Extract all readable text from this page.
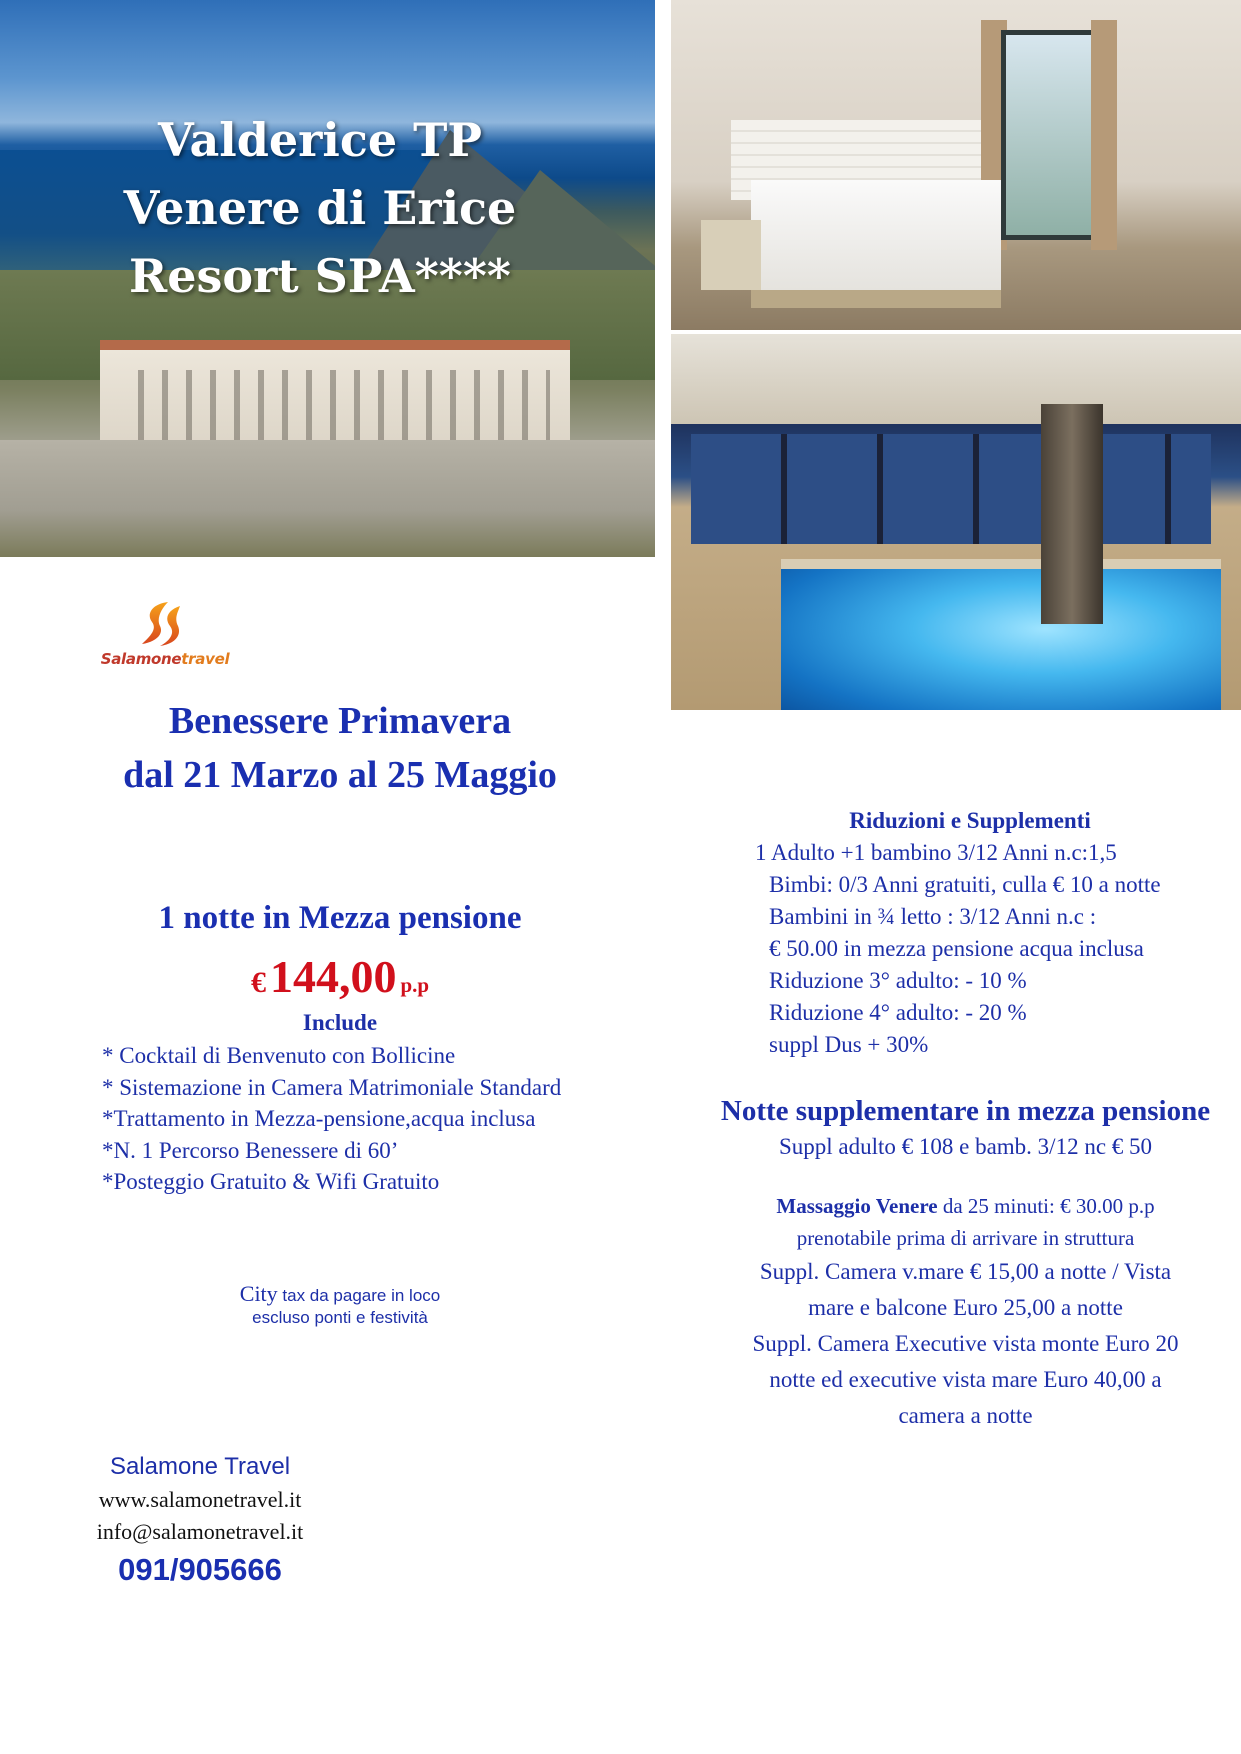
Valderice TP
Venere di Erice
Resort SPA****
Salamonetravel
Benessere Primavera
dal 21 Marzo al 25 Maggio
1 notte in Mezza pensione
€ 144,00 p.p
Include
* Cocktail di Benvenuto con Bollicine
* Sistemazione in Camera Matrimoniale Standard
*Trattamento in Mezza-pensione,acqua inclusa
*N. 1 Percorso Benessere di 60’
*Posteggio Gratuito & Wifi Gratuito
City tax da pagare in loco
escluso ponti e festività
Salamone Travel
www.salamonetravel.it
info@salamonetravel.it
091/905666
Riduzioni e Supplementi
1 Adulto +1 bambino 3/12 Anni n.c:1,5
Bimbi: 0/3 Anni gratuiti, culla € 10 a notte
Bambini in ¾ letto : 3/12 Anni n.c :
€ 50.00 in mezza pensione acqua inclusa
Riduzione 3° adulto: - 10 %
Riduzione 4° adulto: - 20 %
suppl Dus + 30%
Notte supplementare in mezza pensione
Suppl adulto € 108 e bamb. 3/12 nc € 50
Massaggio Venere da 25 minuti: € 30.00 p.p
prenotabile prima di arrivare in struttura
Suppl. Camera v.mare € 15,00 a notte / Vista
mare e balcone Euro 25,00 a notte
Suppl. Camera Executive vista monte Euro 20
notte ed executive vista mare Euro 40,00 a
camera a notte
